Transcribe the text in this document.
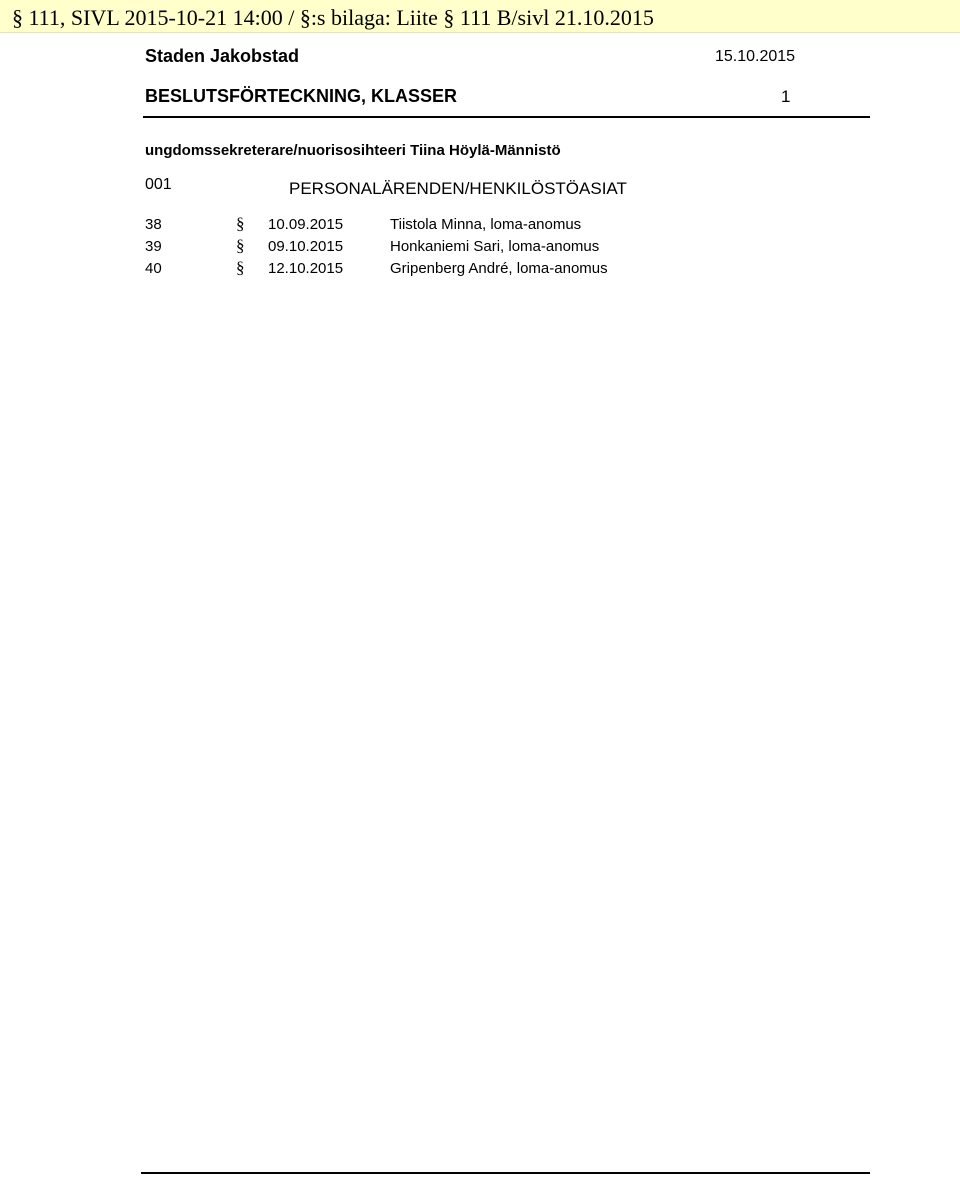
§ 111, SIVL 2015-10-21 14:00 / §:s bilaga: Liite § 111 B/sivl 21.10.2015
Staden Jakobstad	15.10.2015
BESLUTSFÖRTECKNING, KLASSER	1
ungdomssekreterare/nuorisosihteeri Tiina Höylä-Männistö
001	PERSONALÄRENDEN/HENKILÖSTÖASIAT
38	§ 10.09.2015	Tiistola Minna, loma-anomus
39	§ 09.10.2015	Honkaniemi Sari, loma-anomus
40	§ 12.10.2015	Gripenberg André, loma-anomus
